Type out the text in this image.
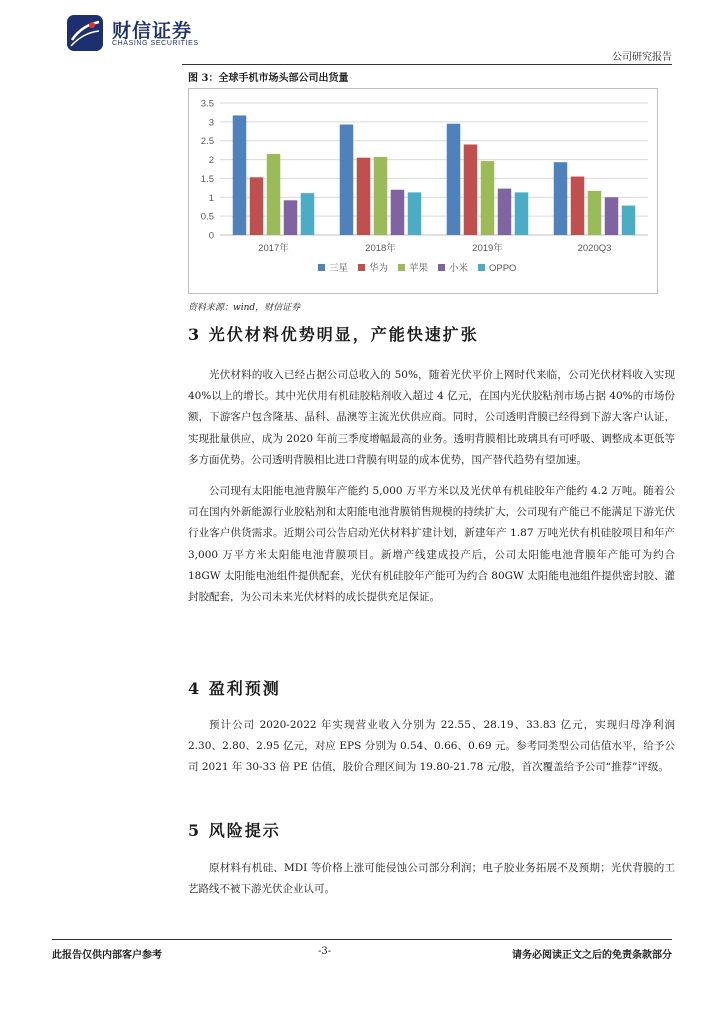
财信证券
CHASING SECURITIES
公司研究报告
图 3：全球手机市场头部公司出货量
0
0.5
1
1.5
2
2.5
3
3.5
2017年	2018年	2019年	2020Q3
三星 华为 苹果 小米 OPPO
资料来源：wind，财信证券
3 光伏材料优势明显，产能快速扩张

光伏材料的收入已经占据公司总收入的 50%，随着光伏平价上网时代来临，公司光伏材料收入实现 40%以上的增长。其中光伏用有机硅胶粘剂收入超过 4 亿元，在国内光伏胶粘剂市场占据 40%的市场份额，下游客户包含隆基、晶科、晶澳等主流光伏供应商。同时，公司透明背膜已经得到下游大客户认证，实现批量供应，成为 2020 年前三季度增幅最高的业务。透明背膜相比玻璃具有可呼吸、调整成本更低等多方面优势。公司透明背膜相比进口背膜有明显的成本优势，国产替代趋势有望加速。

公司现有太阳能电池背膜年产能约 5,000 万平方米以及光伏单有机硅胶年产能约 4.2 万吨。随着公司在国内外新能源行业胶粘剂和太阳能电池背膜销售规模的持续扩大，公司现有产能已不能满足下游光伏行业客户供货需求。近期公司公告启动光伏材料扩建计划，新建年产 1.87 万吨光伏有机硅胶项目和年产 3,000 万平方米太阳能电池背膜项目。新增产线建成投产后，公司太阳能电池背膜年产能可为约合 18GW 太阳能电池组件提供配套，光伏有机硅胶年产能可为约合 80GW 太阳能电池组件提供密封胶、灌封胶配套，为公司未来光伏材料的成长提供充足保证。

4 盈利预测

预计公司 2020-2022 年实现营业收入分别为 22.55、28.19、33.83 亿元，实现归母净利润 2.30、2.80、2.95 亿元，对应 EPS 分别为 0.54、0.66、0.69 元。参考同类型公司估值水平，给予公司 2021 年 30-33 倍 PE 估值，股价合理区间为 19.80-21.78 元/股，首次覆盖给予公司“推荐”评级。

5 风险提示

原材料有机硅、MDI 等价格上涨可能侵蚀公司部分利润；电子胶业务拓展不及预期；光伏背膜的工艺路线不被下游光伏企业认可。

此报告仅供内部客户参考	-3-	请务必阅读正文之后的免责条款部分
